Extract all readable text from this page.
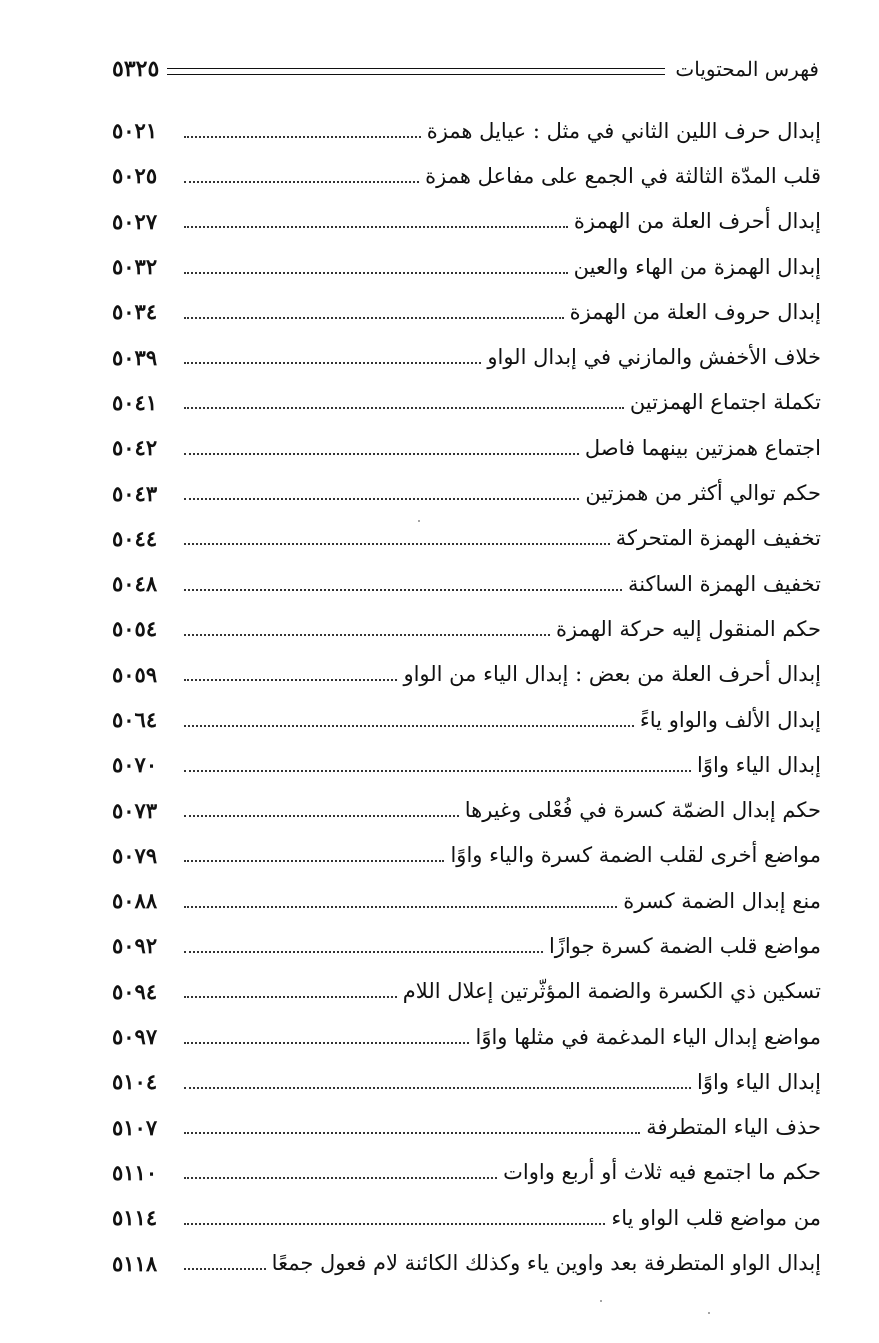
فهرس المحتويات
٥٣٢٥
إبدال حرف اللين الثاني في مثل : عيايل همزة
٥٠٢١
قلب المدّة الثالثة في الجمع على مفاعل همزة
٥٠٢٥
إبدال أحرف العلة من الهمزة
٥٠٢٧
إبدال الهمزة من الهاء والعين
٥٠٣٢
إبدال حروف العلة من الهمزة
٥٠٣٤
خلاف الأخفش والمازني في إبدال الواو
٥٠٣٩
تكملة اجتماع الهمزتين
٥٠٤١
اجتماع همزتين بينهما فاصل
٥٠٤٢
حكم توالي أكثر من همزتين
٥٠٤٣
تخفيف الهمزة المتحركة
٥٠٤٤
تخفيف الهمزة الساكنة
٥٠٤٨
حكم المنقول إليه حركة الهمزة
٥٠٥٤
إبدال أحرف العلة من بعض : إبدال الياء من الواو
٥٠٥٩
إبدال الألف والواو ياءً
٥٠٦٤
إبدال الياء واوًا
٥٠٧٠
حكم إبدال الضمّة كسرة في فُعْلى وغيرها
٥٠٧٣
مواضع أخرى لقلب الضمة كسرة والياء واوًا
٥٠٧٩
منع إبدال الضمة كسرة
٥٠٨٨
مواضع قلب الضمة كسرة جوازًا
٥٠٩٢
تسكين ذي الكسرة والضمة المؤثّرتين إعلال اللام
٥٠٩٤
مواضع إبدال الياء المدغمة في مثلها واوًا
٥٠٩٧
إبدال الياء واوًا
٥١٠٤
حذف الياء المتطرفة
٥١٠٧
حكم ما اجتمع فيه ثلاث أو أربع واوات
٥١١٠
من مواضع قلب الواو ياء
٥١١٤
إبدال الواو المتطرفة بعد واوين ياء وكذلك الكائنة لام فعول جمعًا
٥١١٨
